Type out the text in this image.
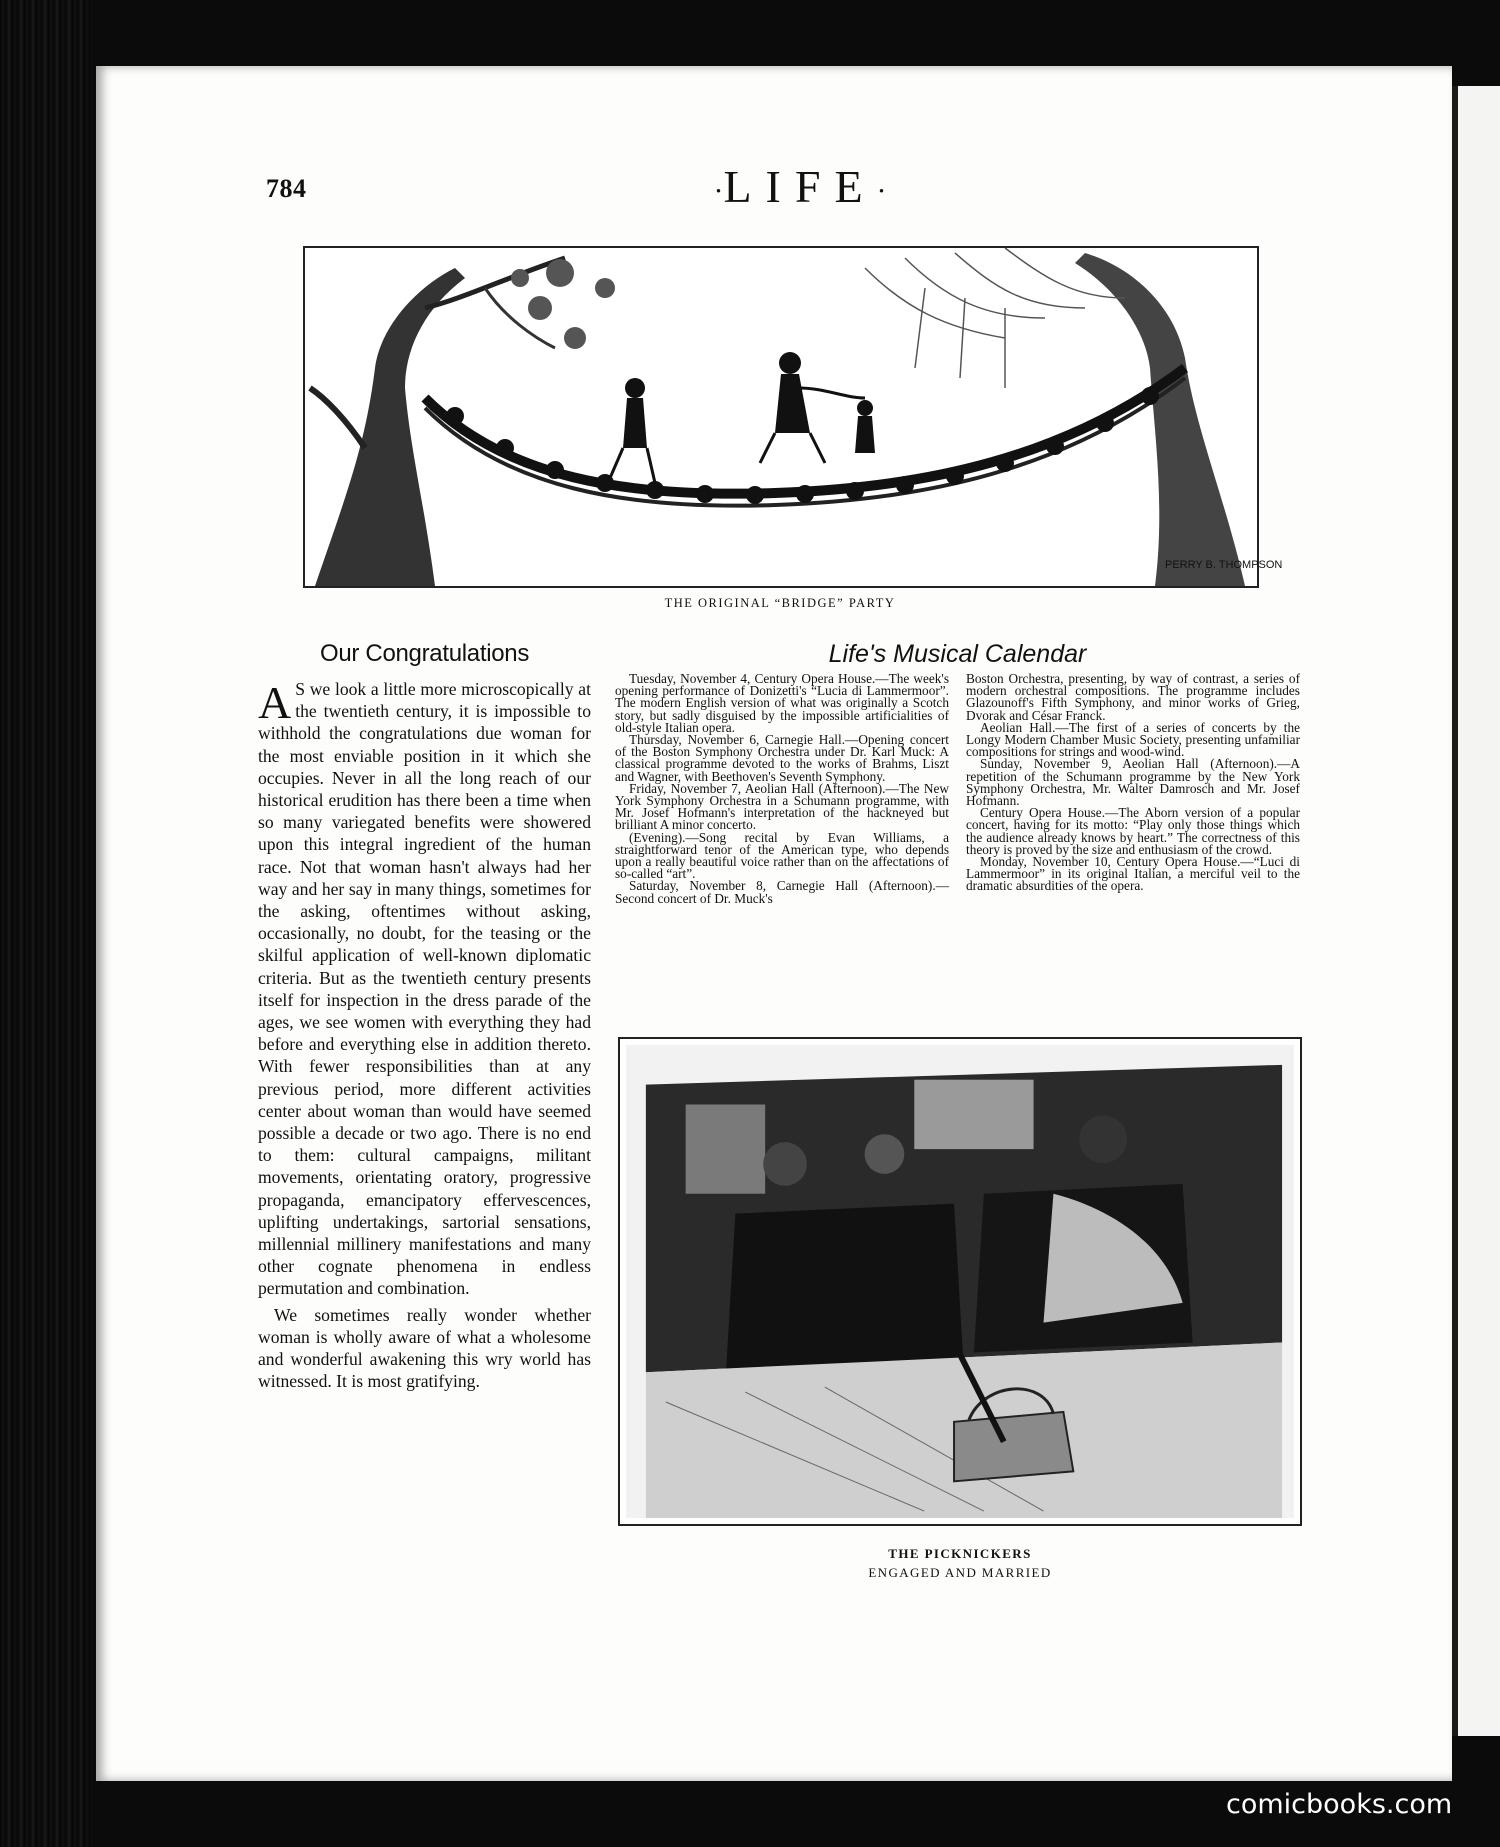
784	·LIFE·
PERRY B. THOMPSON
THE ORIGINAL “BRIDGE” PARTY
Our Congratulations

A S we look a little more microscopically at the twentieth century, it is impossible to withhold the congratulations due woman for the most enviable position in it which she occupies. Never in all the long reach of our historical erudition has there been a time when so many variegated benefits were showered upon this integral ingredient of the human race. Not that woman hasn't always had her way and her say in many things, sometimes for the asking, oftentimes without asking, occasionally, no doubt, for the teasing or the skilful application of well-known diplomatic criteria. But as the twentieth century presents itself for inspection in the dress parade of the ages, we see women with everything they had before and everything else in addition thereto. With fewer responsibilities than at any previous period, more different activities center about woman than would have seemed possible a decade or two ago. There is no end to them: cultural campaigns, militant movements, orientating oratory, progressive propaganda, emancipatory effervescences, uplifting undertakings, sartorial sensations, millennial millinery manifestations and many other cognate phenomena in endless permutation and combination.

We sometimes really wonder whether woman is wholly aware of what a wholesome and wonderful awakening this wry world has witnessed. It is most gratifying.

Life's Musical Calendar

Tuesday, November 4, Century Opera House.—The week's opening performance of Donizetti's “Lucia di Lammermoor”. The modern English version of what was originally a Scotch story, but sadly disguised by the impossible artificialities of old-style Italian opera.

Thursday, November 6, Carnegie Hall.—Opening concert of the Boston Symphony Orchestra under Dr. Karl Muck: A classical programme devoted to the works of Brahms, Liszt and Wagner, with Beethoven's Seventh Symphony.

Friday, November 7, Aeolian Hall (Afternoon).—The New York Symphony Orchestra in a Schumann programme, with Mr. Josef Hofmann's interpretation of the hackneyed but brilliant A minor concerto.

(Evening).—Song recital by Evan Williams, a straightforward tenor of the American type, who depends upon a really beautiful voice rather than on the affectations of so-called “art”.

Saturday, November 8, Carnegie Hall (Afternoon).—Second concert of Dr. Muck's

Boston Orchestra, presenting, by way of contrast, a series of modern orchestral compositions. The programme includes Glazounoff's Fifth Symphony, and minor works of Grieg, Dvorak and César Franck.

Aeolian Hall.—The first of a series of concerts by the Longy Modern Chamber Music Society, presenting unfamiliar compositions for strings and wood-wind.

Sunday, November 9, Aeolian Hall (Afternoon).—A repetition of the Schumann programme by the New York Symphony Orchestra, Mr. Walter Damrosch and Mr. Josef Hofmann.

Century Opera House.—The Aborn version of a popular concert, having for its motto: “Play only those things which the audience already knows by heart.” The correctness of this theory is proved by the size and enthusiasm of the crowd.

Monday, November 10, Century Opera House.—“Luci di Lammermoor” in its original Italian, a merciful veil to the dramatic absurdities of the opera.

THE PICKNICKERS
ENGAGED AND MARRIED
comicbooks.com
